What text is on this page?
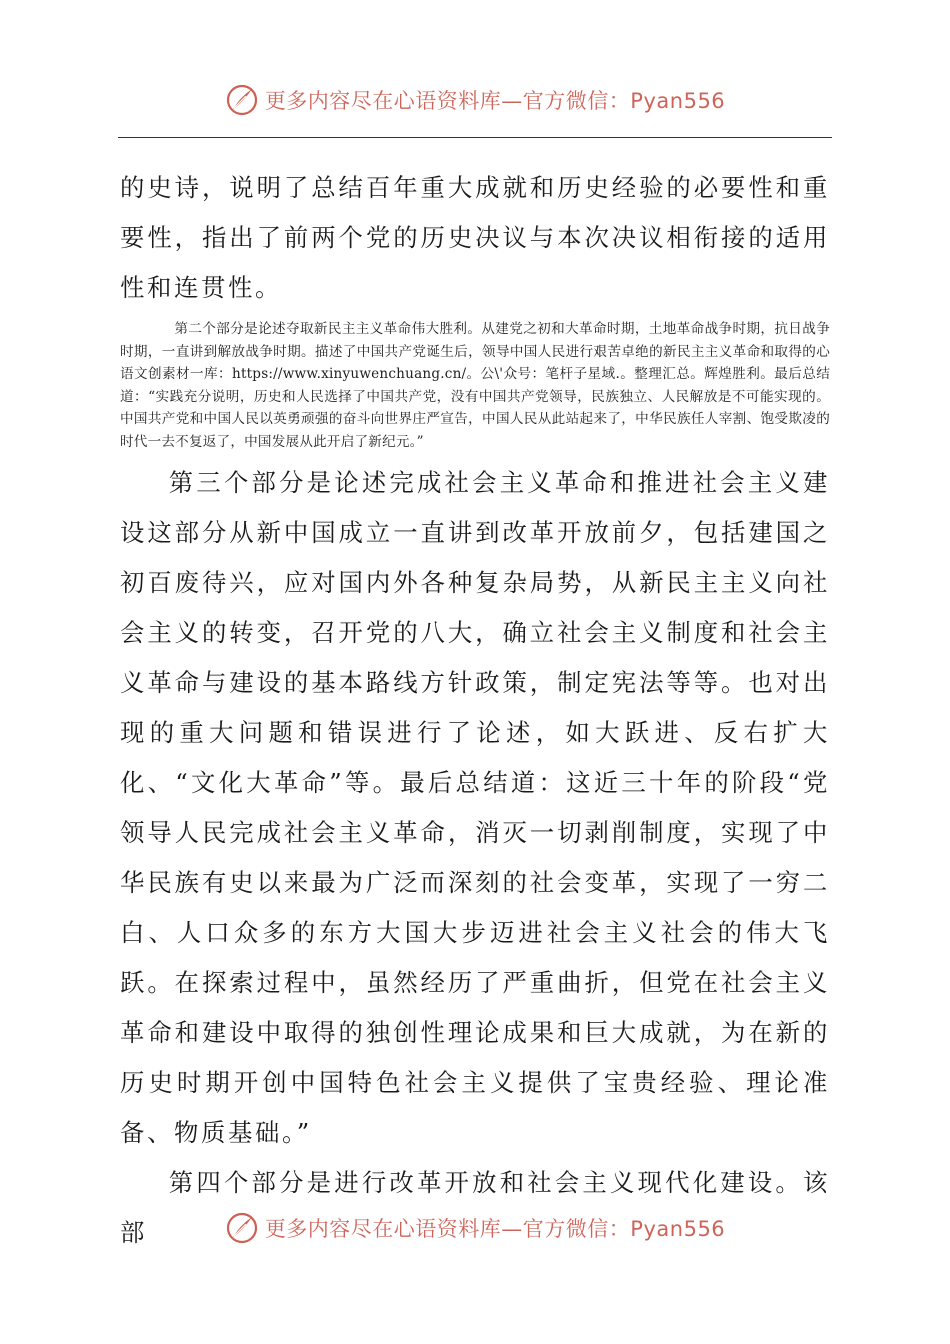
更多内容尽在心语资料库—官方微信：Pyan556

的史诗，说明了总结百年重大成就和历史经验的必要性和重要性，指出了前两个党的历史决议与本次决议相衔接的适用性和连贯性。

第二个部分是论述夺取新民主主义革命伟大胜利。从建党之初和大革命时期，土地革命战争时期，抗日战争时期，一直讲到解放战争时期。描述了中国共产党诞生后，领导中国人民进行艰苦卓绝的新民主主义革命和取得的心语文创素材一库：https://www.xinyuwenchuang.cn/。公\'众号：笔杆子星域.。整理汇总。辉煌胜利。最后总结道：“实践充分说明，历史和人民选择了中国共产党，没有中国共产党领导，民族独立、人民解放是不可能实现的。中国共产党和中国人民以英勇顽强的奋斗向世界庄严宣告，中国人民从此站起来了，中华民族任人宰割、饱受欺凌的时代一去不复返了，中国发展从此开启了新纪元。”

第三个部分是论述完成社会主义革命和推进社会主义建设这部分从新中国成立一直讲到改革开放前夕，包括建国之初百废待兴，应对国内外各种复杂局势，从新民主主义向社会主义的转变，召开党的八大，确立社会主义制度和社会主义革命与建设的基本路线方针政策，制定宪法等等。也对出现的重大问题和错误进行了论述，如大跃进、反右扩大化、“文化大革命”等。最后总结道：这近三十年的阶段“党领导人民完成社会主义革命，消灭一切剥削制度，实现了中华民族有史以来最为广泛而深刻的社会变革，实现了一穷二白、人口众多的东方大国大步迈进社会主义社会的伟大飞跃。在探索过程中，虽然经历了严重曲折，但党在社会主义革命和建设中取得的独创性理论成果和巨大成就，为在新的历史时期开创中国特色社会主义提供了宝贵经验、理论准备、物质基础。”

第四个部分是进行改革开放和社会主义现代化建设。该部	更多内容尽在心语资料库—官方微信：Pyan556
